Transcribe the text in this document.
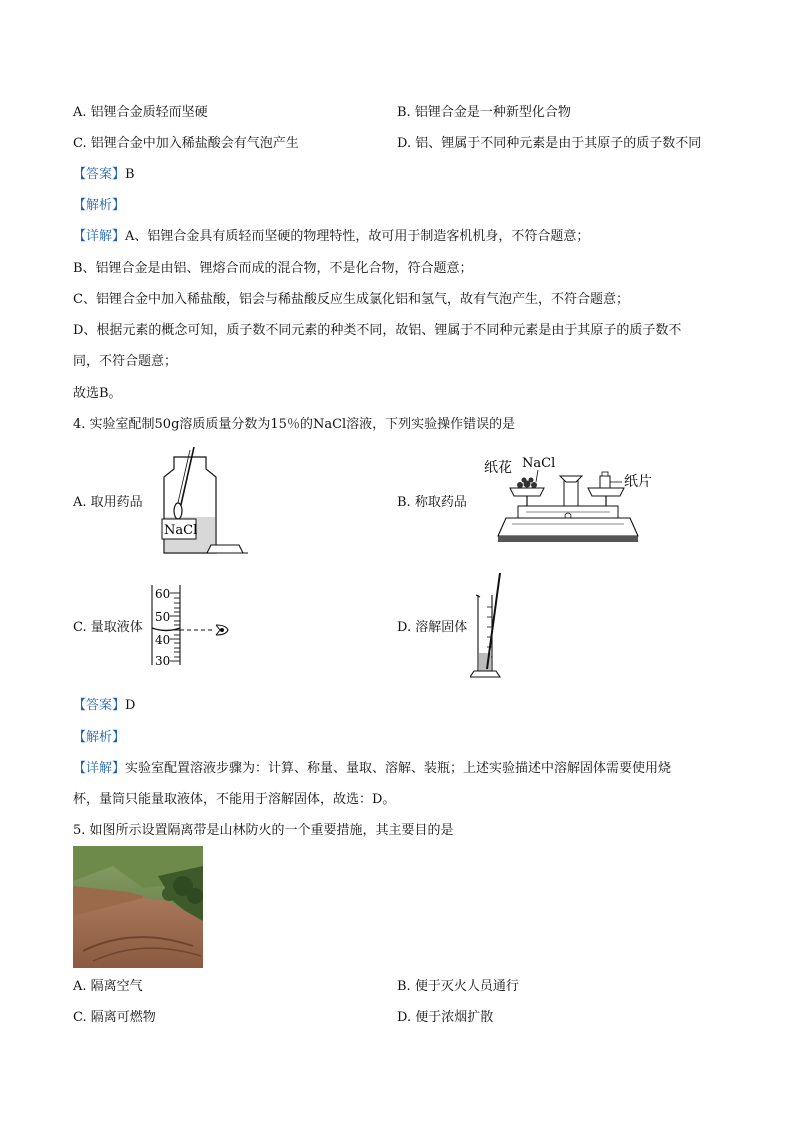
A. 铝锂合金质轻而坚硬	B. 铝锂合金是一种新型化合物
C. 铝锂合金中加入稀盐酸会有气泡产生	D. 铝、锂属于不同种元素是由于其原子的质子数不同
【答案】B
【解析】
【详解】A、铝锂合金具有质轻而坚硬的物理特性，故可用于制造客机机身，不符合题意；
B、铝锂合金是由铝、锂熔合而成的混合物，不是化合物，符合题意；
C、铝锂合金中加入稀盐酸，铝会与稀盐酸反应生成氯化铝和氢气，故有气泡产生，不符合题意；
D、根据元素的概念可知，质子数不同元素的种类不同，故铝、锂属于不同种元素是由于其原子的质子数不
同，不符合题意；
故选B。
4. 实验室配制50g溶质质量分数为15％的NaCl溶液，下列实验操作错误的是
A. 取用药品	B. 称取药品
C. 量取液体	D. 溶解固体
NaCl
纸花 NaCl
纸片
60
50
40
30
【答案】D
【解析】
【详解】实验室配置溶液步骤为：计算、称量、量取、溶解、装瓶；上述实验描述中溶解固体需要使用烧
杯，量筒只能量取液体，不能用于溶解固体，故选：D。
5. 如图所示设置隔离带是山林防火的一个重要措施，其主要目的是
A. 隔离空气	B. 便于灭火人员通行
C. 隔离可燃物	D. 便于浓烟扩散
